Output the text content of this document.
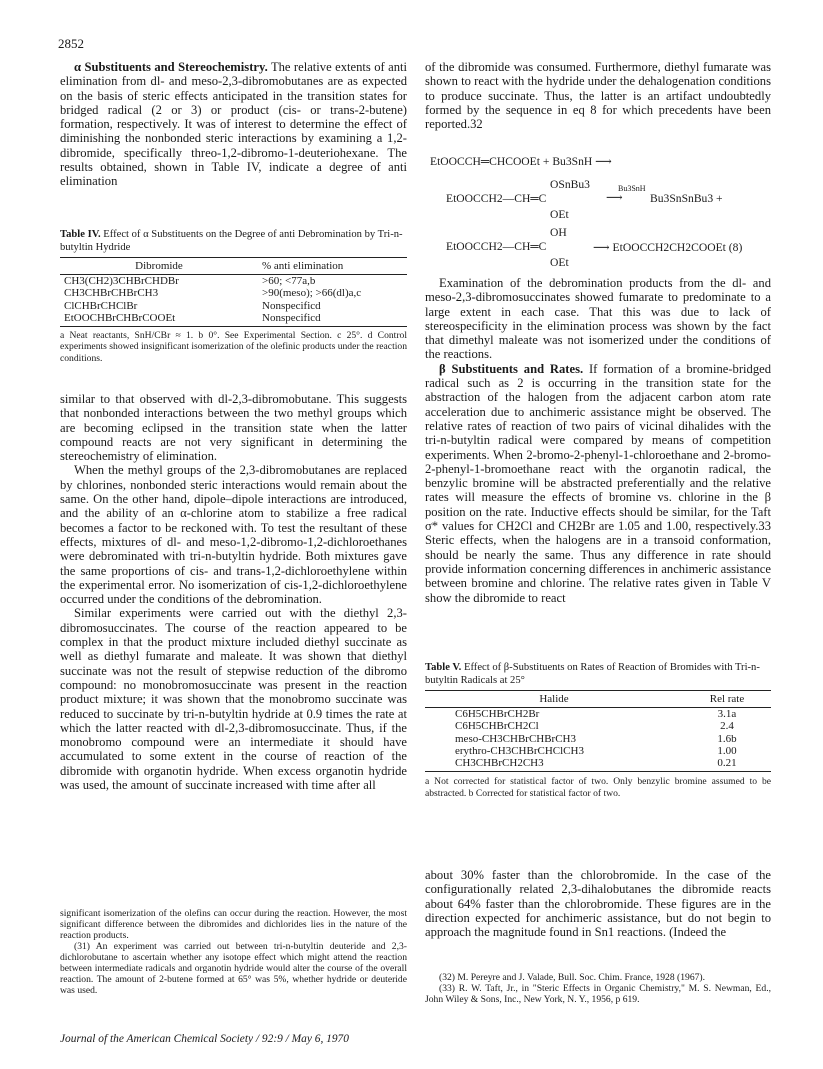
2852

α Substituents and Stereochemistry. The relative extents of anti elimination from dl- and meso-2,3-dibromobutanes are as expected on the basis of steric effects anticipated in the transition states for bridged radical (2 or 3) or product (cis- or trans-2-butene) formation, respectively. It was of interest to determine the effect of diminishing the nonbonded steric interactions by examining a 1,2-dibromide, specifically threo-1,2-dibromo-1-deuteriohexane. The results obtained, shown in Table IV, indicate a degree of anti elimination

Table IV. Effect of α Substituents on the Degree of anti Debromination by Tri-n-butyltin Hydride
Dibromide	% anti elimination
CH3(CH2)3CHBrCHDBr	>60; <77a,b
CH3CHBrCHBrCH3	>90(meso); >66(dl)a,c
ClCHBrCHClBr	Nonspecificd
EtOOCHBrCHBrCOOEt	Nonspecificd
a Neat reactants, SnH/CBr ≈ 1. b 0°. See Experimental Section. c 25°. d Control experiments showed insignificant isomerization of the olefinic products under the reaction conditions.

similar to that observed with dl-2,3-dibromobutane. This suggests that nonbonded interactions between the two methyl groups which are becoming eclipsed in the transition state when the latter compound reacts are not very significant in determining the stereochemistry of elimination.

When the methyl groups of the 2,3-dibromobutanes are replaced by chlorines, nonbonded steric interactions would remain about the same. On the other hand, dipole–dipole interactions are introduced, and the ability of an α-chlorine atom to stabilize a free radical becomes a factor to be reckoned with. To test the resultant of these effects, mixtures of dl- and meso-1,2-dibromo-1,2-dichloroethanes were debrominated with tri-n-butyltin hydride. Both mixtures gave the same proportions of cis- and trans-1,2-dichloroethylene within the experimental error. No isomerization of cis-1,2-dichloroethylene occurred under the conditions of the debromination.

Similar experiments were carried out with the diethyl 2,3-dibromosuccinates. The course of the reaction appeared to be complex in that the product mixture included diethyl succinate as well as diethyl fumarate and maleate. It was shown that diethyl succinate was not the result of stepwise reduction of the dibromo compound: no monobromosuccinate was present in the reaction product mixture; it was shown that the monobromo succinate was reduced to succinate by tri-n-butyltin hydride at 0.9 times the rate at which the latter reacted with dl-2,3-dibromosuccinate. Thus, if the monobromo compound were an intermediate it should have accumulated to some extent in the course of reaction of the dibromide with organotin hydride. When excess organotin hydride was used, the amount of succinate increased with time after all

significant isomerization of the olefins can occur during the reaction. However, the most significant difference between the dibromides and dichlorides lies in the nature of the reaction products.

(31) An experiment was carried out between tri-n-butyltin deuteride and 2,3-dichlorobutane to ascertain whether any isotope effect which might attend the reaction between intermediate radicals and organotin hydride would alter the course of the overall reaction. The amount of 2-butene formed at 65° was 5%, whether hydride or deuteride was used.

of the dibromide was consumed. Furthermore, diethyl fumarate was shown to react with the hydride under the dehalogenation conditions to produce succinate. Thus, the latter is an artifact undoubtedly formed by the sequence in eq 8 for which precedents have been reported.32

EtOOCCH═CHCOOEt + Bu3SnH ⟶
OSnBu3
EtOOCCH2—CH═C
Bu3SnH
⟶ Bu3SnSnBu3 +
OEt
OH
EtOOCCH2—CH═C	⟶ EtOOCCH2CH2COOEt (8)
OEt

Examination of the debromination products from the dl- and meso-2,3-dibromosuccinates showed fumarate to predominate to a large extent in each case. That this was due to lack of stereospecificity in the elimination process was shown by the fact that dimethyl maleate was not isomerized under the conditions of the reactions.

β Substituents and Rates. If formation of a bromine-bridged radical such as 2 is occurring in the transition state for the abstraction of the halogen from the adjacent carbon atom rate acceleration due to anchimeric assistance might be observed. The relative rates of reaction of two pairs of vicinal dihalides with the tri-n-butyltin radical were compared by means of competition experiments. When 2-bromo-2-phenyl-1-chloroethane and 2-bromo-2-phenyl-1-bromoethane react with the organotin radical, the benzylic bromine will be abstracted preferentially and the relative rates will measure the effects of bromine vs. chlorine in the β position on the rate. Inductive effects should be similar, for the Taft σ* values for CH2Cl and CH2Br are 1.05 and 1.00, respectively.33 Steric effects, when the halogens are in a transoid conformation, should be nearly the same. Thus any difference in rate should provide information concerning differences in anchimeric assistance between bromine and chlorine. The relative rates given in Table V show the dibromide to react

Table V. Effect of β-Substituents on Rates of Reaction of Bromides with Tri-n-butyltin Radicals at 25°
Halide	Rel rate
C6H5CHBrCH2Br	3.1a
C6H5CHBrCH2Cl	2.4
meso-CH3CHBrCHBrCH3	1.6b
erythro-CH3CHBrCHClCH3	1.00
CH3CHBrCH2CH3	0.21
a Not corrected for statistical factor of two. Only benzylic bromine assumed to be abstracted. b Corrected for statistical factor of two.

about 30% faster than the chlorobromide. In the case of the configurationally related 2,3-dihalobutanes the dibromide reacts about 64% faster than the chlorobromide. These figures are in the direction expected for anchimeric assistance, but do not begin to approach the magnitude found in Sn1 reactions. (Indeed the

(32) M. Pereyre and J. Valade, Bull. Soc. Chim. France, 1928 (1967).

(33) R. W. Taft, Jr., in "Steric Effects in Organic Chemistry," M. S. Newman, Ed., John Wiley & Sons, Inc., New York, N. Y., 1956, p 619.

Journal of the American Chemical Society / 92:9 / May 6, 1970
